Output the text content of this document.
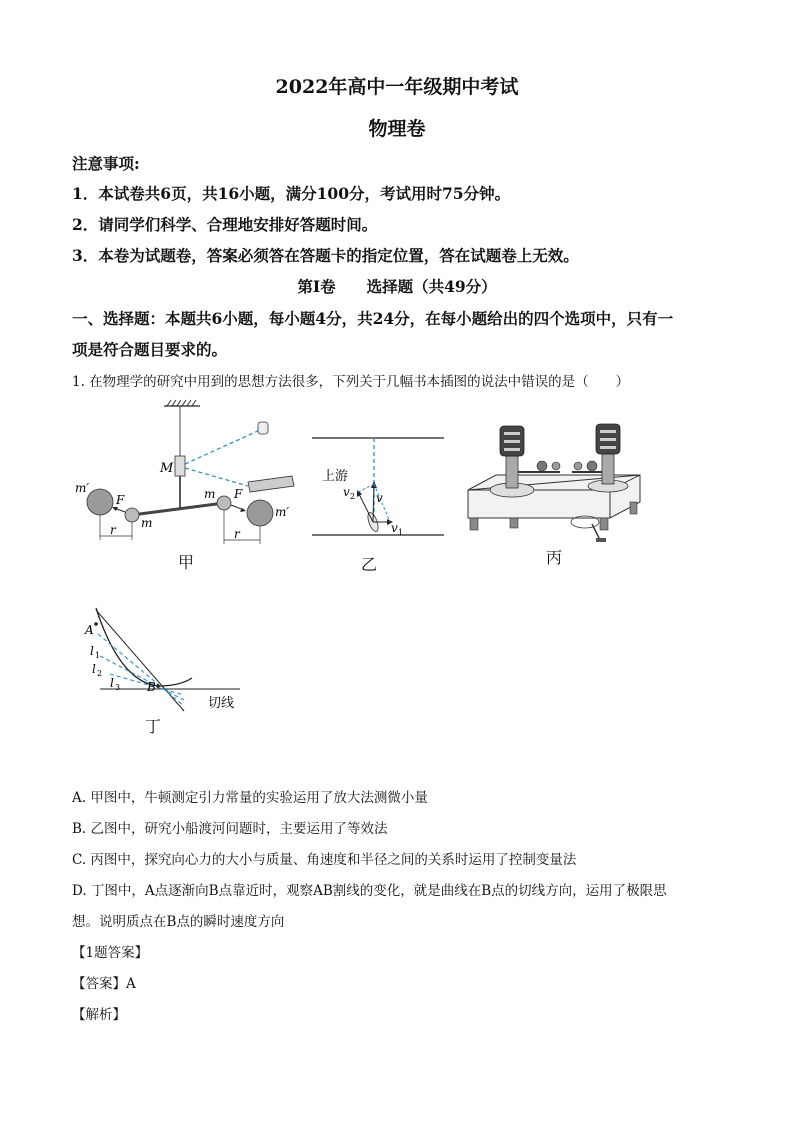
2022年高中一年级期中考试
物理卷
注意事项:
1．本试卷共6页，共16小题，满分100分，考试用时75分钟。
2．请同学们科学、合理地安排好答题时间。
3．本卷为试题卷，答案必须答在答题卡的指定位置，答在试题卷上无效。
第Ⅰ卷　　选择题（共49分）
一、选择题：本题共6小题，每小题4分，共24分，在每小题给出的四个选项中，只有一
项是符合题目要求的。
1. 在物理学的研究中用到的思想方法很多，下列关于几幅书本插图的说法中错误的是（　　）
M
m′
m′
m
m
F	F
r	r
甲
上游
v
v 2
v 1
乙	丙
A
l 1
l 2
l 3 B
切线
丁
A. 甲图中，牛顿测定引力常量的实验运用了放大法测微小量
B. 乙图中，研究小船渡河问题时，主要运用了等效法
C. 丙图中，探究向心力的大小与质量、角速度和半径之间的关系时运用了控制变量法
D. 丁图中，A点逐渐向B点靠近时，观察AB割线的变化，就是曲线在B点的切线方向，运用了极限思
想。说明质点在B点的瞬时速度方向
【1题答案】
【答案】A
【解析】
